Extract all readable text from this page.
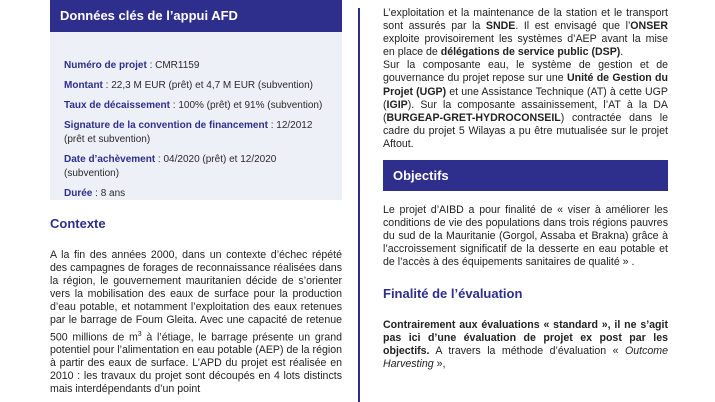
Données clés de l’appui AFD
Numéro de projet : CMR1159
Montant : 22,3 M EUR (prêt) et 4,7 M EUR (subvention)
Taux de décaissement : 100% (prêt) et 91% (subvention)
Signature de la convention de financement : 12/2012 (prêt et subvention)
Date d’achèvement : 04/2020 (prêt) et 12/2020 (subvention)
Durée : 8 ans
Contexte

A la fin des années 2000, dans un contexte d’échec répété des campagnes de forages de reconnaissance réalisées dans la région, le gouvernement mauritanien décide de s’orienter vers la mobilisation des eaux de surface pour la production d’eau potable, et notamment l’exploitation des eaux retenues par le barrage de Foum Gleita. Avec une capacité de retenue 500 millions de $m^3$ à l’étiage, le barrage présente un grand potentiel pour l’alimentation en eau potable (AEP) de la région à partir des eaux de surface. L’APD du projet est réalisée en 2010 : les travaux du projet sont découpés en 4 lots distincts mais interdépendants d’un point

L’exploitation et la maintenance de la station et le transport sont assurés par la SNDE. Il est envisagé que l’ONSER exploite provisoirement les systèmes d’AEP avant la mise en place de délégations de service public (DSP).
Sur la composante eau, le système de gestion et de gouvernance du projet repose sur une Unité de Gestion du Projet (UGP) et une Assistance Technique (AT) à cette UGP (IGIP). Sur la composante assainissement, l’AT à la DA (BURGEAP-GRET-HYDROCONSEIL) contractée dans le cadre du projet 5 Wilayas a pu être mutualisée sur le projet Aftout.

Objectifs

Le projet d’AIBD a pour finalité de « viser à améliorer les conditions de vie des populations dans trois régions pauvres du sud de la Mauritanie (Gorgol, Assaba et Brakna) grâce à l’accroissement significatif de la desserte en eau potable et de l’accès à des équipements sanitaires de qualité » .

Finalité de l’évaluation

Contrairement aux évaluations « standard », il ne s’agit pas ici d’une évaluation de projet ex post par les objectifs. A travers la méthode d’évaluation « Outcome Harvesting »,
